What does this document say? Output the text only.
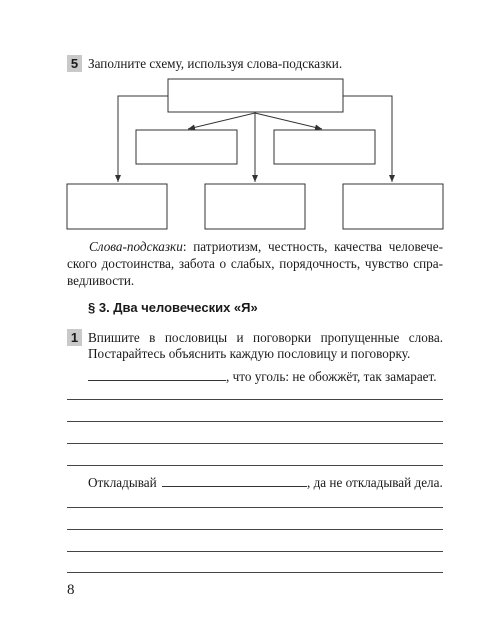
5 Заполните схему, используя слова-подсказки.

Слова-подсказки: патриотизм, честность, качества человече-

ского достоинства, забота о слабых, порядочность, чувство спра-

ведливости.

§ 3. Два человеческих «Я»
1 Впишите в пословицы и поговорки пропущенные слова.
Постарайтесь объяснить каждую пословицу и поговорку.
, что уголь: не обожжёт, так замарает.
Откладывай	, да не откладывай дела.
8
